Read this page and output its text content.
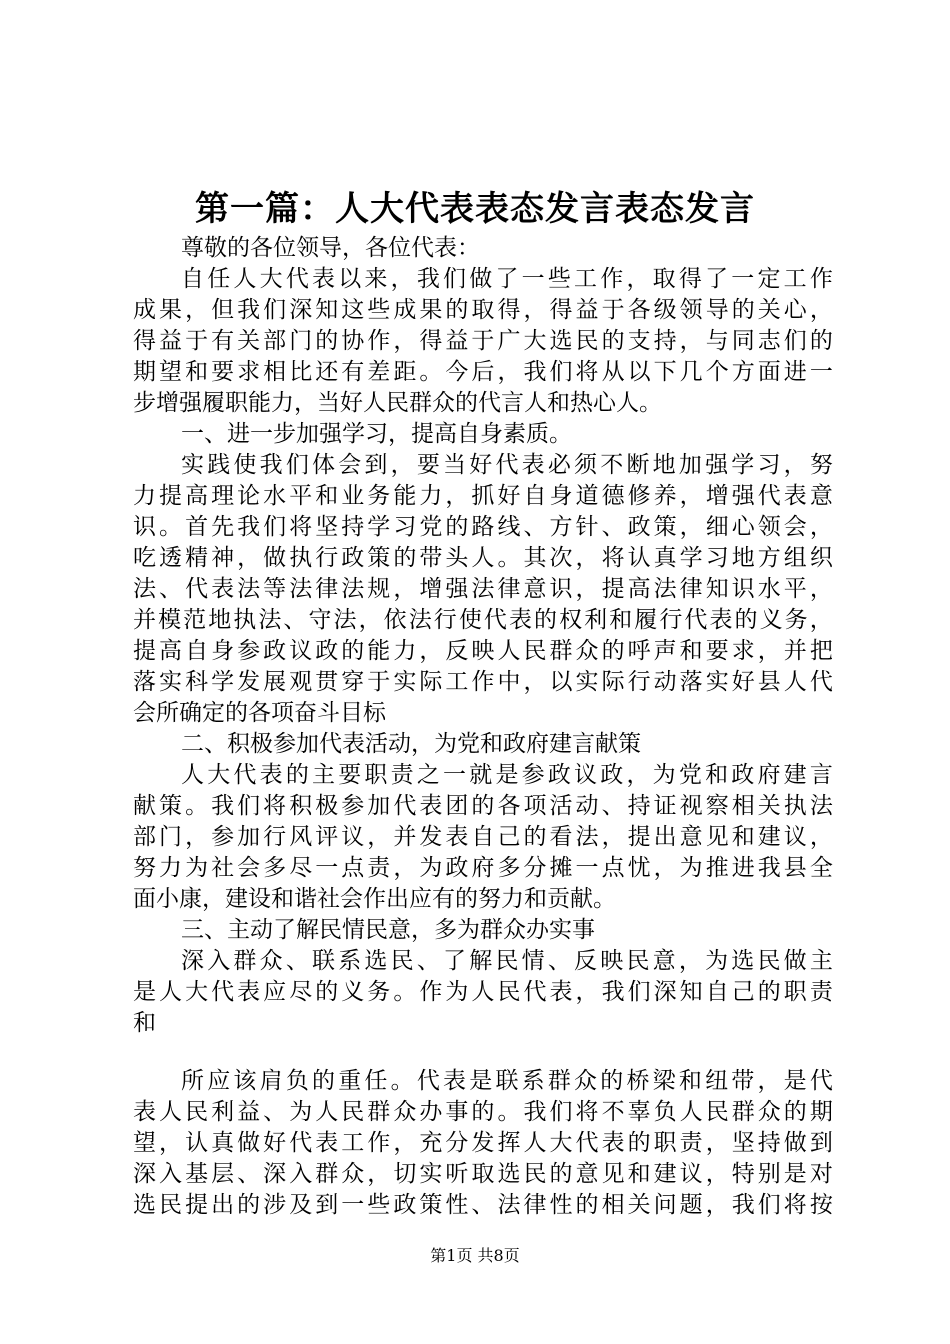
第一篇：人大代表表态发言表态发言
尊敬的各位领导，各位代表：
自 任 人 大 代 表 以 来 ， 我 们 做 了 一 些 工 作 ， 取 得 了 一 定 工 作
成 果 ， 但 我 们 深 知 这 些 成 果 的 取 得 ， 得 益 于 各 级 领 导 的 关 心 ，
得 益 于 有 关 部 门 的 协 作 ， 得 益 于 广 大 选 民 的 支 持 ， 与 同 志 们 的
期 望 和 要 求 相 比 还 有 差 距 。 今 后 ， 我 们 将 从 以 下 几 个 方 面 进 一
步增强履职能力，当好人民群众的代言人和热心人。
一、进一步加强学习，提高自身素质。
实 践 使 我 们 体 会 到 ， 要 当 好 代 表 必 须 不 断 地 加 强 学 习 ， 努
力 提 高 理 论 水 平 和 业 务 能 力 ， 抓 好 自 身 道 德 修 养 ， 增 强 代 表 意
识 。 首 先 我 们 将 坚 持 学 习 党 的 路 线 、 方 针 、 政 策 ， 细 心 领 会 ，
吃 透 精 神 ， 做 执 行 政 策 的 带 头 人 。 其 次 ， 将 认 真 学 习 地 方 组 织
法 、 代 表 法 等 法 律 法 规 ， 增 强 法 律 意 识 ， 提 高 法 律 知 识 水 平 ，
并 模 范 地 执 法 、 守 法 ， 依 法 行 使 代 表 的 权 利 和 履 行 代 表 的 义 务 ，
提 高 自 身 参 政 议 政 的 能 力 ， 反 映 人 民 群 众 的 呼 声 和 要 求 ， 并 把
落 实 科 学 发 展 观 贯 穿 于 实 际 工 作 中 ， 以 实 际 行 动 落 实 好 县 人 代
会所确定的各项奋斗目标
二、积极参加代表活动，为党和政府建言献策
人 大 代 表 的 主 要 职 责 之 一 就 是 参 政 议 政 ， 为 党 和 政 府 建 言
献 策 。 我 们 将 积 极 参 加 代 表 团 的 各 项 活 动 、 持 证 视 察 相 关 执 法
部 门 ， 参 加 行 风 评 议 ， 并 发 表 自 己 的 看 法 ， 提 出 意 见 和 建 议 ，
努 力 为 社 会 多 尽 一 点 责 ， 为 政 府 多 分 摊 一 点 忧 ， 为 推 进 我 县 全
面小康，建设和谐社会作出应有的努力和贡献。
三、主动了解民情民意，多为群众办实事
深 入 群 众 、 联 系 选 民 、 了 解 民 情 、 反 映 民 意 ， 为 选 民 做 主
是 人 大 代 表 应 尽 的 义 务 。 作 为 人 民 代 表 ， 我 们 深 知 自 己 的 职 责
和
所 应 该 肩 负 的 重 任 。 代 表 是 联 系 群 众 的 桥 梁 和 纽 带 ， 是 代
表 人 民 利 益 、 为 人 民 群 众 办 事 的 。 我 们 将 不 辜 负 人 民 群 众 的 期
望 ， 认 真 做 好 代 表 工 作 ， 充 分 发 挥 人 大 代 表 的 职 责 ， 坚 持 做 到
深 入 基 层 、 深 入 群 众 ， 切 实 听 取 选 民 的 意 见 和 建 议 ， 特 别 是 对
选 民 提 出 的 涉 及 到 一 些 政 策 性 、 法 律 性 的 相 关 问 题 ， 我 们 将 按
第1页 共8页
